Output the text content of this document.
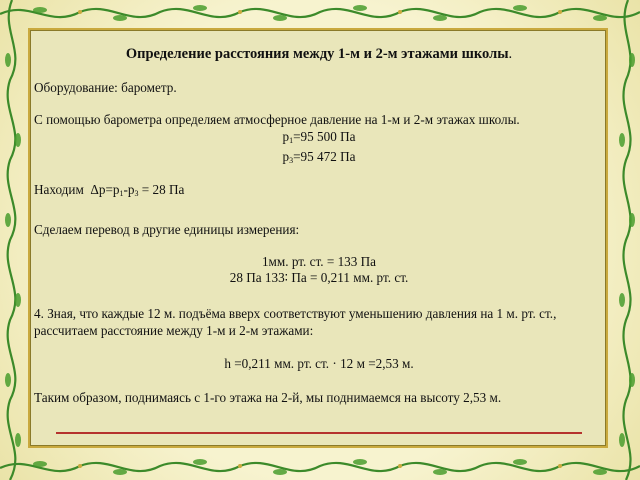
Определение расстояния между 1-м и 2-м этажами школы.
Оборудование: барометр.
С помощью барометра определяем атмосферное давление на 1-м и 2-м этажах школы.
$p_1=95$ 500 Па
$p_3=95$ 472 Па
Находим $\Delta p=p_1-p_3 = 28$ Па
Сделаем перевод в другие единицы измерения:
1мм. рт. ст. = 133 Па
28 Па 133∶ Па = 0,211 мм. рт. ст.
4. Зная, что каждые 12 м. подъёма вверх соответствуют уменьшению давления на 1 м. рт. ст.,
рассчитаем расстояние между 1-м и 2-м этажами:
h =0,211 мм. рт. ст. · 12 м =2,53 м.
Таким образом, поднимаясь с 1-го этажа на 2-й, мы поднимаемся на высоту 2,53 м.
